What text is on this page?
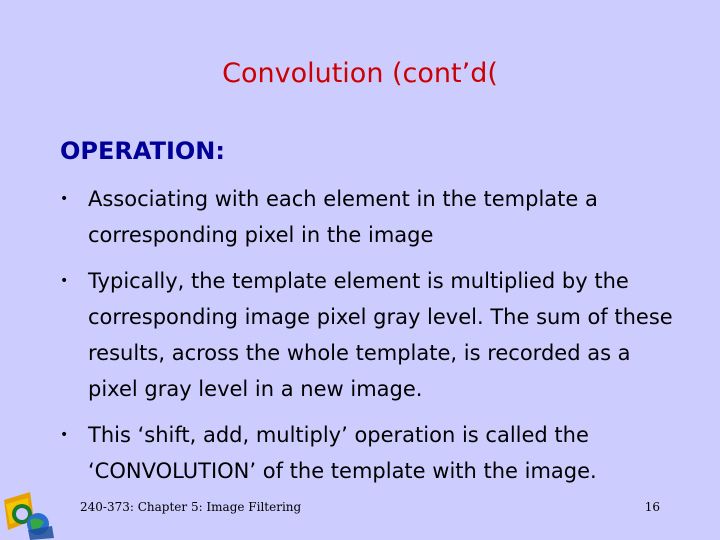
Convolution (cont’d(
OPERATION:
• Associating with each element in the template a corresponding pixel in the image
• Typically, the template element is multiplied by the corresponding image pixel gray level. The sum of these results, across the whole template, is recorded as a pixel gray level in a new image.
• This ‘shift, add, multiply’ operation is called the ‘CONVOLUTION’ of the template with the image.
240-373: Chapter 5: Image Filtering	16
